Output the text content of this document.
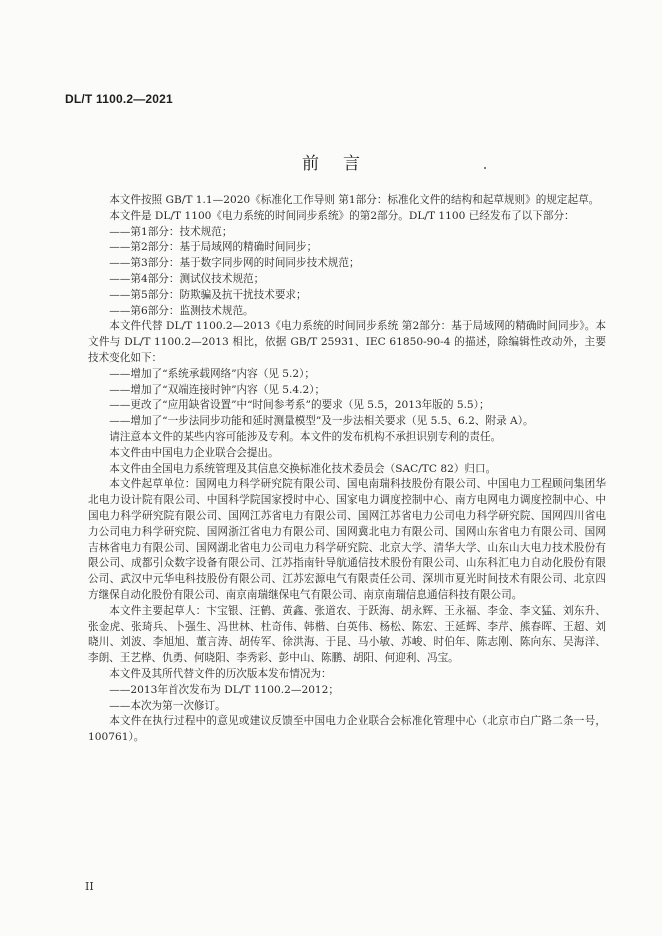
DL/T 1100.2—2021
前言

本文件按照 GB/T 1.1—2020《标准化工作导则 第1部分：标准化文件的结构和起草规则》的规定起草。

本文件是 DL/T 1100《电力系统的时间同步系统》的第2部分。DL/T 1100 已经发布了以下部分：

——第1部分：技术规范；

——第2部分：基于局域网的精确时间同步；

——第3部分：基于数字同步网的时间同步技术规范；

——第4部分：测试仪技术规范；

——第5部分：防欺骗及抗干扰技术要求；

——第6部分：监测技术规范。

本文件代替 DL/T 1100.2—2013《电力系统的时间同步系统 第2部分：基于局域网的精确时间同步》。本文件与 DL/T 1100.2—2013 相比，依据 GB/T 25931、IEC 61850-90-4 的描述，除编辑性改动外，主要技术变化如下：

——增加了“系统承载网络”内容（见 5.2）；

——增加了“双端连接时钟”内容（见 5.4.2）；

——更改了“应用缺省设置”中“时间参考系”的要求（见 5.5，2013年版的 5.5）；

——增加了“一步法同步功能和延时测量模型”及一步法相关要求（见 5.5、6.2、附录 A）。

请注意本文件的某些内容可能涉及专利。本文件的发布机构不承担识别专利的责任。

本文件由中国电力企业联合会提出。

本文件由全国电力系统管理及其信息交换标准化技术委员会（SAC/TC 82）归口。

本文件起草单位：国网电力科学研究院有限公司、国电南瑞科技股份有限公司、中国电力工程顾问集团华北电力设计院有限公司、中国科学院国家授时中心、国家电力调度控制中心、南方电网电力调度控制中心、中国电力科学研究院有限公司、国网江苏省电力有限公司、国网江苏省电力公司电力科学研究院、国网四川省电力公司电力科学研究院、国网浙江省电力有限公司、国网冀北电力有限公司、国网山东省电力有限公司、国网吉林省电力有限公司、国网湖北省电力公司电力科学研究院、北京大学、清华大学、山东山大电力技术股份有限公司、成都引众数字设备有限公司、江苏指南针导航通信技术股份有限公司、山东科汇电力自动化股份有限公司、武汉中元华电科技股份有限公司、江苏宏源电气有限责任公司、深圳市夏光时间技术有限公司、北京四方继保自动化股份有限公司、南京南瑞继保电气有限公司、南京南瑞信息通信科技有限公司。

本文件主要起草人：卞宝银、汪鹤、黄鑫、张道农、于跃海、胡永辉、王永福、李金、李文猛、刘东升、张金虎、张琦兵、卜强生、冯世林、杜奇伟、韩楷、白英伟、杨松、陈宏、王延辉、李芹、熊春晖、王超、刘晓川、刘波、李旭旭、董言涛、胡传军、徐洪海、于昆、马小敏、苏峻、时伯年、陈志刚、陈向东、吴海洋、李朗、王艺桦、仇勇、何晓阳、李秀彩、彭中山、陈鹏、胡阳、何迎利、冯宝。

本文件及其所代替文件的历次版本发布情况为：

——2013年首次发布为 DL/T 1100.2—2012；

——本次为第一次修订。

本文件在执行过程中的意见或建议反馈至中国电力企业联合会标准化管理中心（北京市白广路二条一号，100761）。

II
